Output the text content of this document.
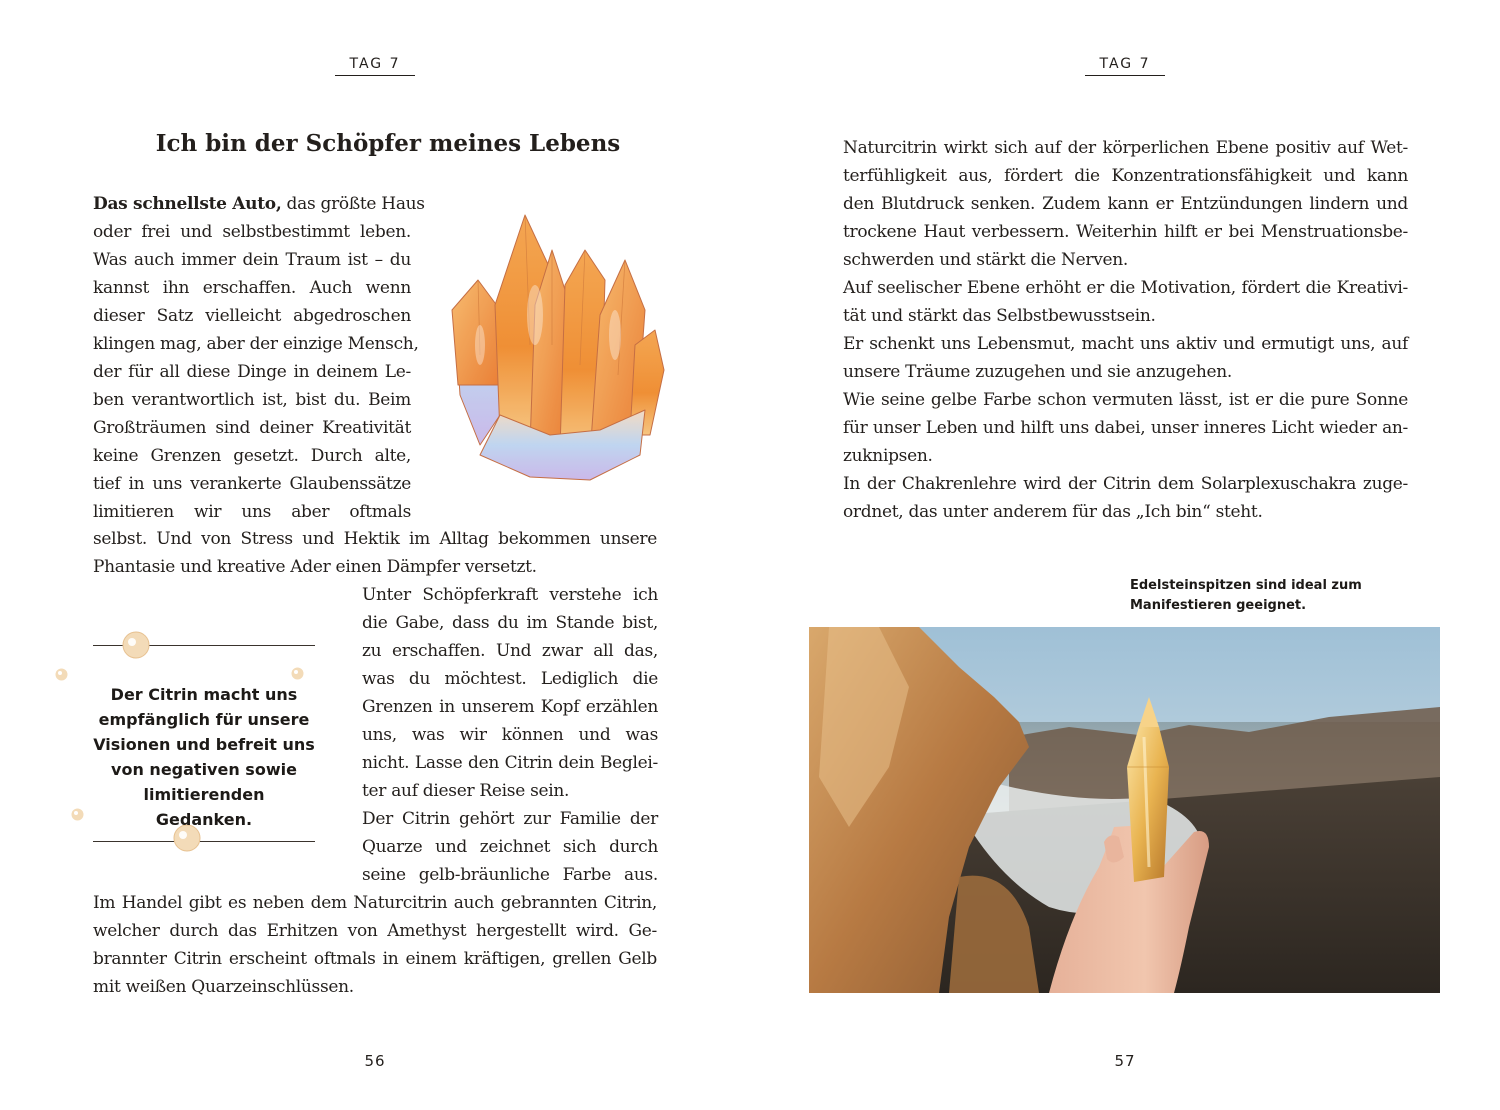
TAG 7
Ich bin der Schöpfer meines Lebens
Das schnellste Auto, das größte Haus
oder frei und selbstbestimmt leben.
Was auch immer dein Traum ist – du
kannst ihn erschaffen. Auch wenn
dieser Satz vielleicht abgedroschen
klingen mag, aber der einzige Mensch,
der für all diese Dinge in deinem Le-
ben verantwortlich ist, bist du. Beim
Großträumen sind deiner Kreativität
keine Grenzen gesetzt. Durch alte,
tief in uns verankerte Glaubenssätze
limitieren wir uns aber oftmals
selbst. Und von Stress und Hektik im Alltag bekommen unsere
Phantasie und kreative Ader einen Dämpfer versetzt.

Der Citrin macht uns empfänglich für unsere Visionen und befreit uns von negativen sowie limitierenden Gedanken.

Unter Schöpferkraft verstehe ich
die Gabe, dass du im Stande bist,
zu erschaffen. Und zwar all das,
was du möchtest. Lediglich die
Grenzen in unserem Kopf erzählen
uns, was wir können und was
nicht. Lasse den Citrin dein Beglei-
ter auf dieser Reise sein.
Der Citrin gehört zur Familie der
Quarze und zeichnet sich durch
seine gelb-bräunliche Farbe aus.
Im Handel gibt es neben dem Naturcitrin auch gebrannten Citrin,
welcher durch das Erhitzen von Amethyst hergestellt wird. Ge-
brannter Citrin erscheint oftmals in einem kräftigen, grellen Gelb
mit weißen Quarzeinschlüssen.
56
TAG 7
Naturcitrin wirkt sich auf der körperlichen Ebene positiv auf Wet-
terfühligkeit aus, fördert die Konzentrationsfähigkeit und kann
den Blutdruck senken. Zudem kann er Entzündungen lindern und
trockene Haut verbessern. Weiterhin hilft er bei Menstruationsbe-
schwerden und stärkt die Nerven.
Auf seelischer Ebene erhöht er die Motivation, fördert die Kreativi-
tät und stärkt das Selbstbewusstsein.
Er schenkt uns Lebensmut, macht uns aktiv und ermutigt uns, auf
unsere Träume zuzugehen und sie anzugehen.
Wie seine gelbe Farbe schon vermuten lässt, ist er die pure Sonne
für unser Leben und hilft uns dabei, unser inneres Licht wieder an-
zuknipsen.
In der Chakrenlehre wird der Citrin dem Solarplexuschakra zuge-
ordnet, das unter anderem für das „Ich bin“ steht.
Edelsteinspitzen sind ideal zum
Manifestieren geeignet.
57
